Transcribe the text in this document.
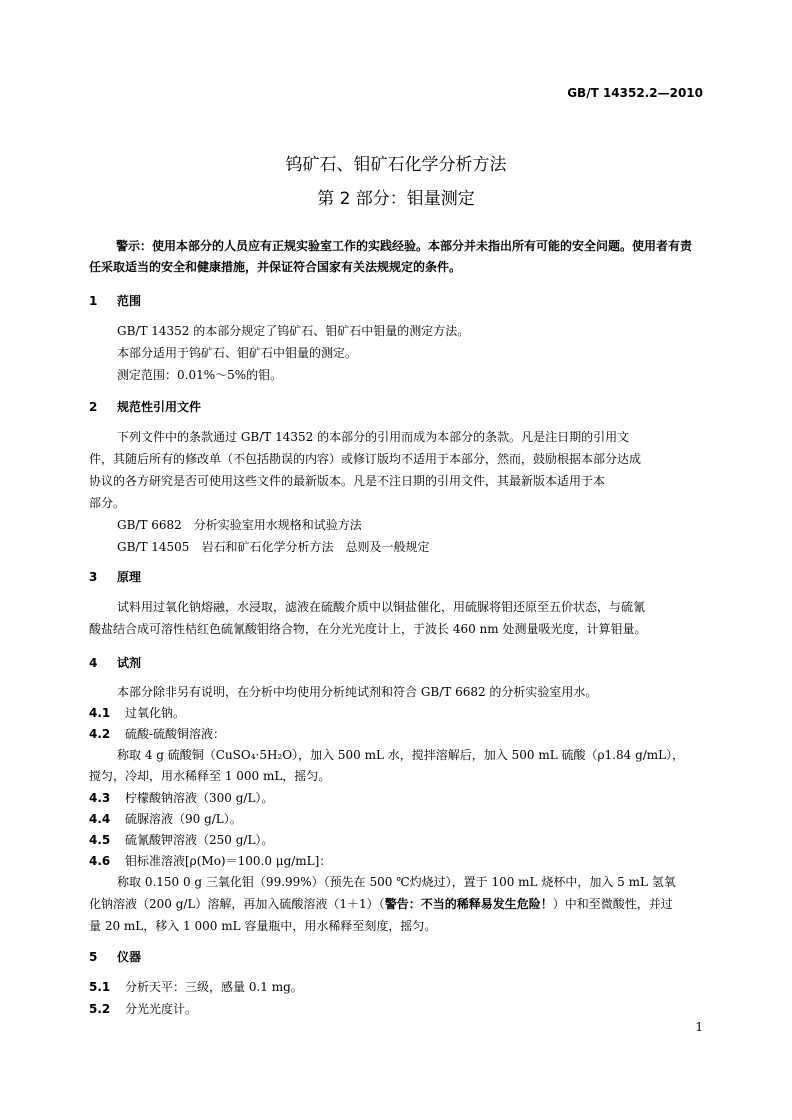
GB/T 14352.2—2010
钨矿石、钼矿石化学分析方法
第 2 部分：钼量测定
警示：使用本部分的人员应有正规实验室工作的实践经验。本部分并未指出所有可能的安全问题。使用者有责任采取适当的安全和健康措施，并保证符合国家有关法规规定的条件。
1 范围
GB/T 14352 的本部分规定了钨矿石、钼矿石中钼量的测定方法。
本部分适用于钨矿石、钼矿石中钼量的测定。
测定范围：0.01%～5%的钼。
2 规范性引用文件
下列文件中的条款通过 GB/T 14352 的本部分的引用而成为本部分的条款。凡是注日期的引用文
件，其随后所有的修改单（不包括勘误的内容）或修订版均不适用于本部分，然而，鼓励根据本部分达成
协议的各方研究是否可使用这些文件的最新版本。凡是不注日期的引用文件，其最新版本适用于本
部分。
GB/T 6682　分析实验室用水规格和试验方法
GB/T 14505　岩石和矿石化学分析方法　总则及一般规定
3 原理
试料用过氧化钠熔融，水浸取，滤液在硫酸介质中以铜盐催化，用硫脲将钼还原至五价状态，与硫氰
酸盐结合成可溶性桔红色硫氰酸钼络合物，在分光光度计上，于波长 460 nm 处测量吸光度，计算钼量。
4 试剂
本部分除非另有说明，在分析中均使用分析纯试剂和符合 GB/T 6682 的分析实验室用水。
4.1 过氧化钠。
4.2 硫酸-硫酸铜溶液：
称取 4 g 硫酸铜（CuSO₄·5H₂O），加入 500 mL 水，搅拌溶解后，加入 500 mL 硫酸（ρ1.84 g/mL），
搅匀，冷却，用水稀释至 1 000 mL，摇匀。
4.3 柠檬酸钠溶液（300 g/L）。
4.4 硫脲溶液（90 g/L）。
4.5 硫氰酸钾溶液（250 g/L）。
4.6 钼标准溶液[ρ(Mo)＝100.0 μg/mL]：
称取 0.150 0 g 三氧化钼（99.99%）（预先在 500 ℃灼烧过），置于 100 mL 烧杯中，加入 5 mL 氢氧
化钠溶液（200 g/L）溶解，再加入硫酸溶液（1＋1）（警告：不当的稀释易发生危险！）中和至微酸性，并过
量 20 mL，移入 1 000 mL 容量瓶中，用水稀释至刻度，摇匀。
5 仪器
5.1 分析天平：三级，感量 0.1 mg。
5.2 分光光度计。
1
